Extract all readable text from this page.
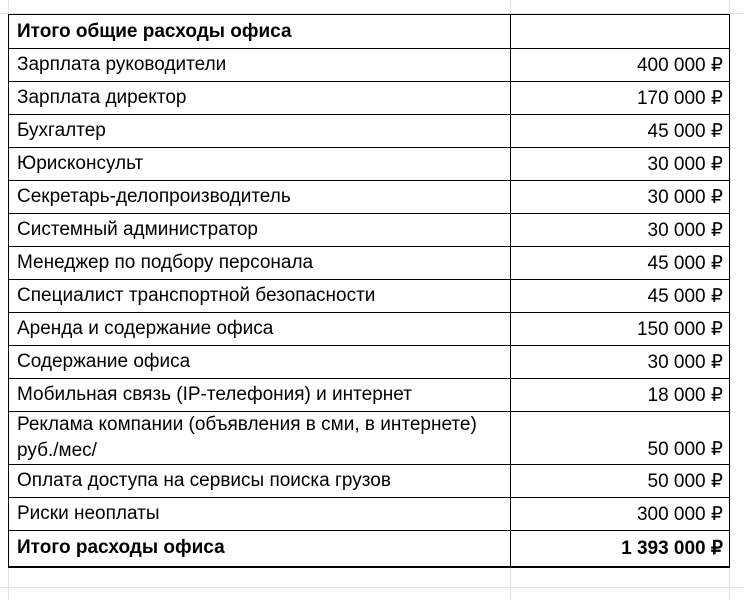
Итого общие расходы офиса	
Зарплата руководители	400 000 ₽
Зарплата директор	170 000 ₽
Бухгалтер	45 000 ₽
Юрисконсульт	30 000 ₽
Секретарь-делопроизводитель	30 000 ₽
Системный администратор	30 000 ₽
Менеджер по подбору персонала	45 000 ₽
Специалист транспортной безопасности	45 000 ₽
Аренда и содержание офиса	150 000 ₽
Содержание офиса	30 000 ₽
Мобильная связь (IP-телефония) и интернет	18 000 ₽
Реклама компании (объявления в сми, в интернете) руб./мес/	50 000 ₽
Оплата доступа на сервисы поиска грузов	50 000 ₽
Риски неоплаты	300 000 ₽
Итого расходы офиса	1 393 000 ₽
